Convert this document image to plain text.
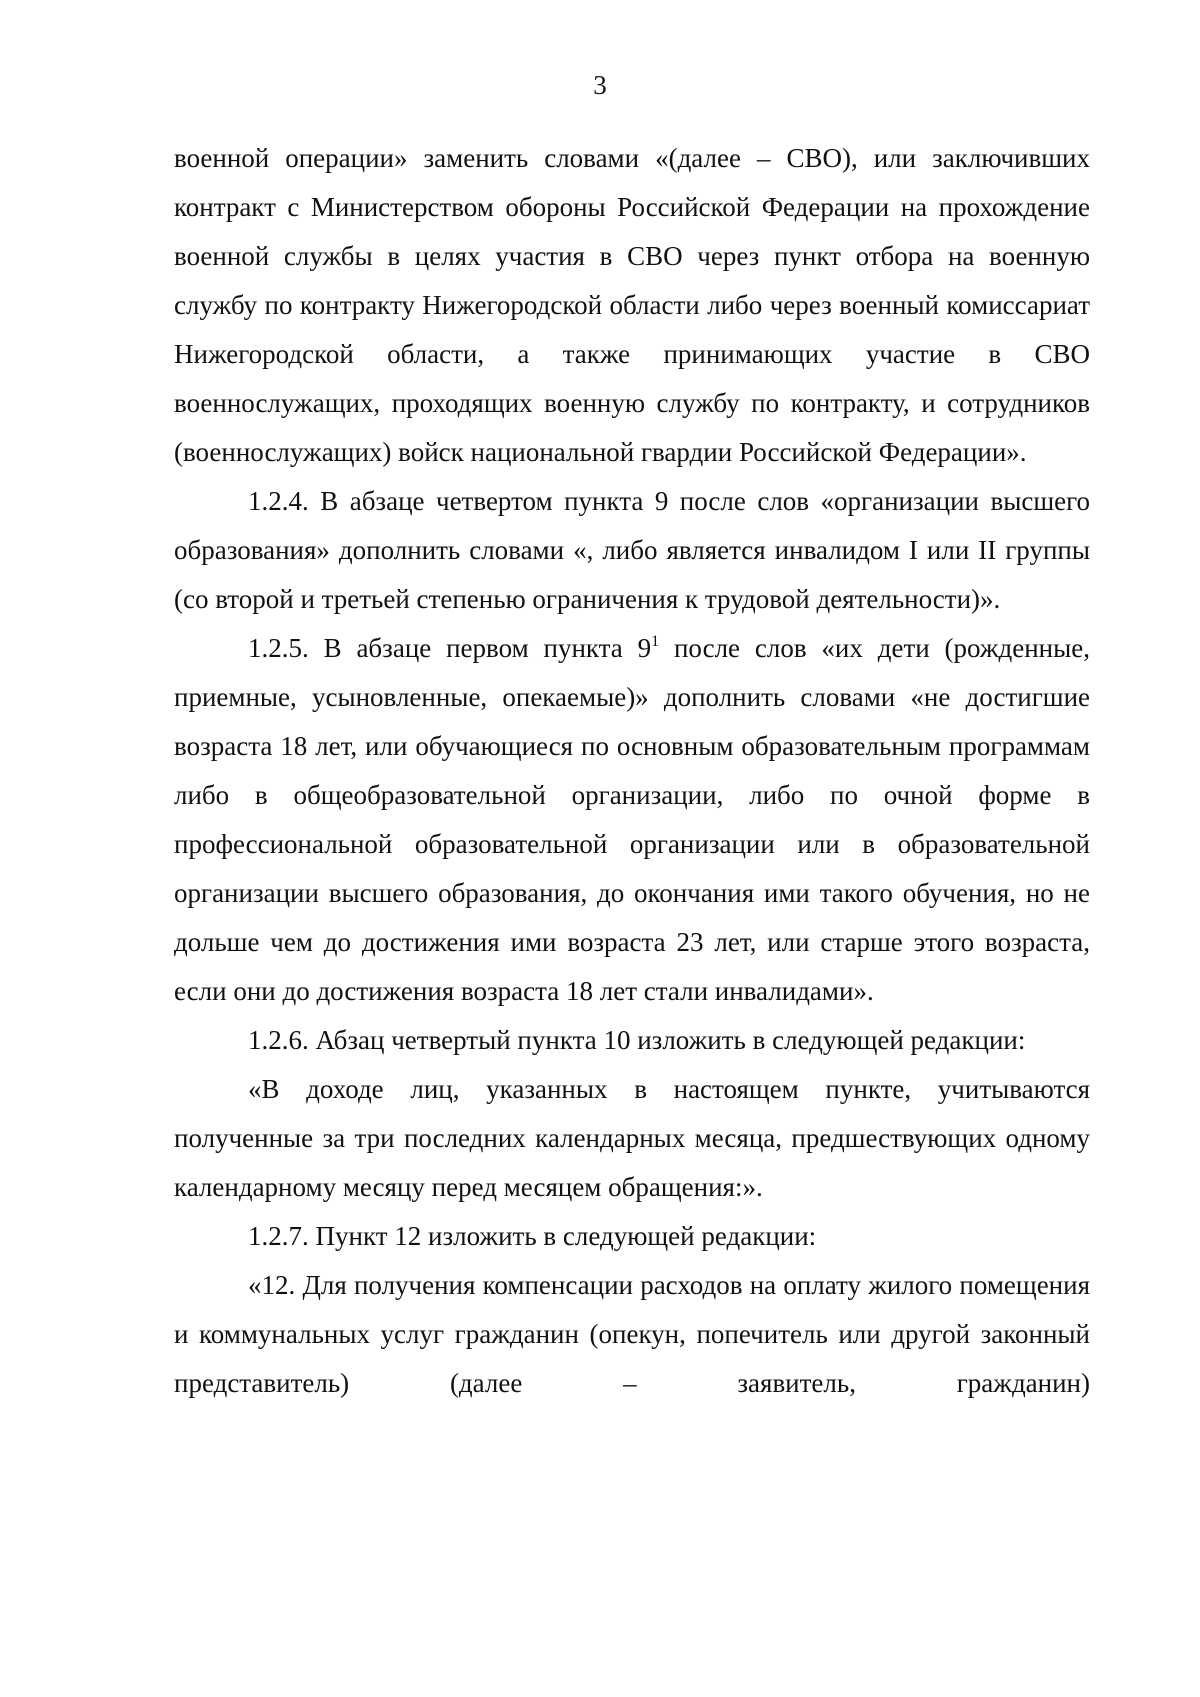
3

военной операции» заменить словами «(далее – СВО), или заключивших контракт с Министерством обороны Российской Федерации на прохождение военной службы в целях участия в СВО через пункт отбора на военную службу по контракту Нижегородской области либо через военный комиссариат Нижегородской области, а также принимающих участие в СВО военнослужащих, проходящих военную службу по контракту, и сотрудников (военнослужащих) войск национальной гвардии Российской Федерации».

1.2.4. В абзаце четвертом пункта 9 после слов «организации высшего образования» дополнить словами «, либо является инвалидом I или II группы (со второй и третьей степенью ограничения к трудовой деятельности)».

1.2.5. В абзаце первом пункта $9^1$ после слов «их дети (рожденные, приемные, усыновленные, опекаемые)» дополнить словами «не достигшие возраста 18 лет, или обучающиеся по основным образовательным программам либо в общеобразовательной организации, либо по очной форме в профессиональной образовательной организации или в образовательной организации высшего образования, до окончания ими такого обучения, но не дольше чем до достижения ими возраста 23 лет, или старше этого возраста, если они до достижения возраста 18 лет стали инвалидами».

1.2.6. Абзац четвертый пункта 10 изложить в следующей редакции:

«В доходе лиц, указанных в настоящем пункте, учитываются полученные за три последних календарных месяца, предшествующих одному календарному месяцу перед месяцем обращения:».

1.2.7. Пункт 12 изложить в следующей редакции:

«12. Для получения компенсации расходов на оплату жилого помещения и коммунальных услуг гражданин (опекун, попечитель или другой законный представитель) (далее – заявитель, гражданин)
